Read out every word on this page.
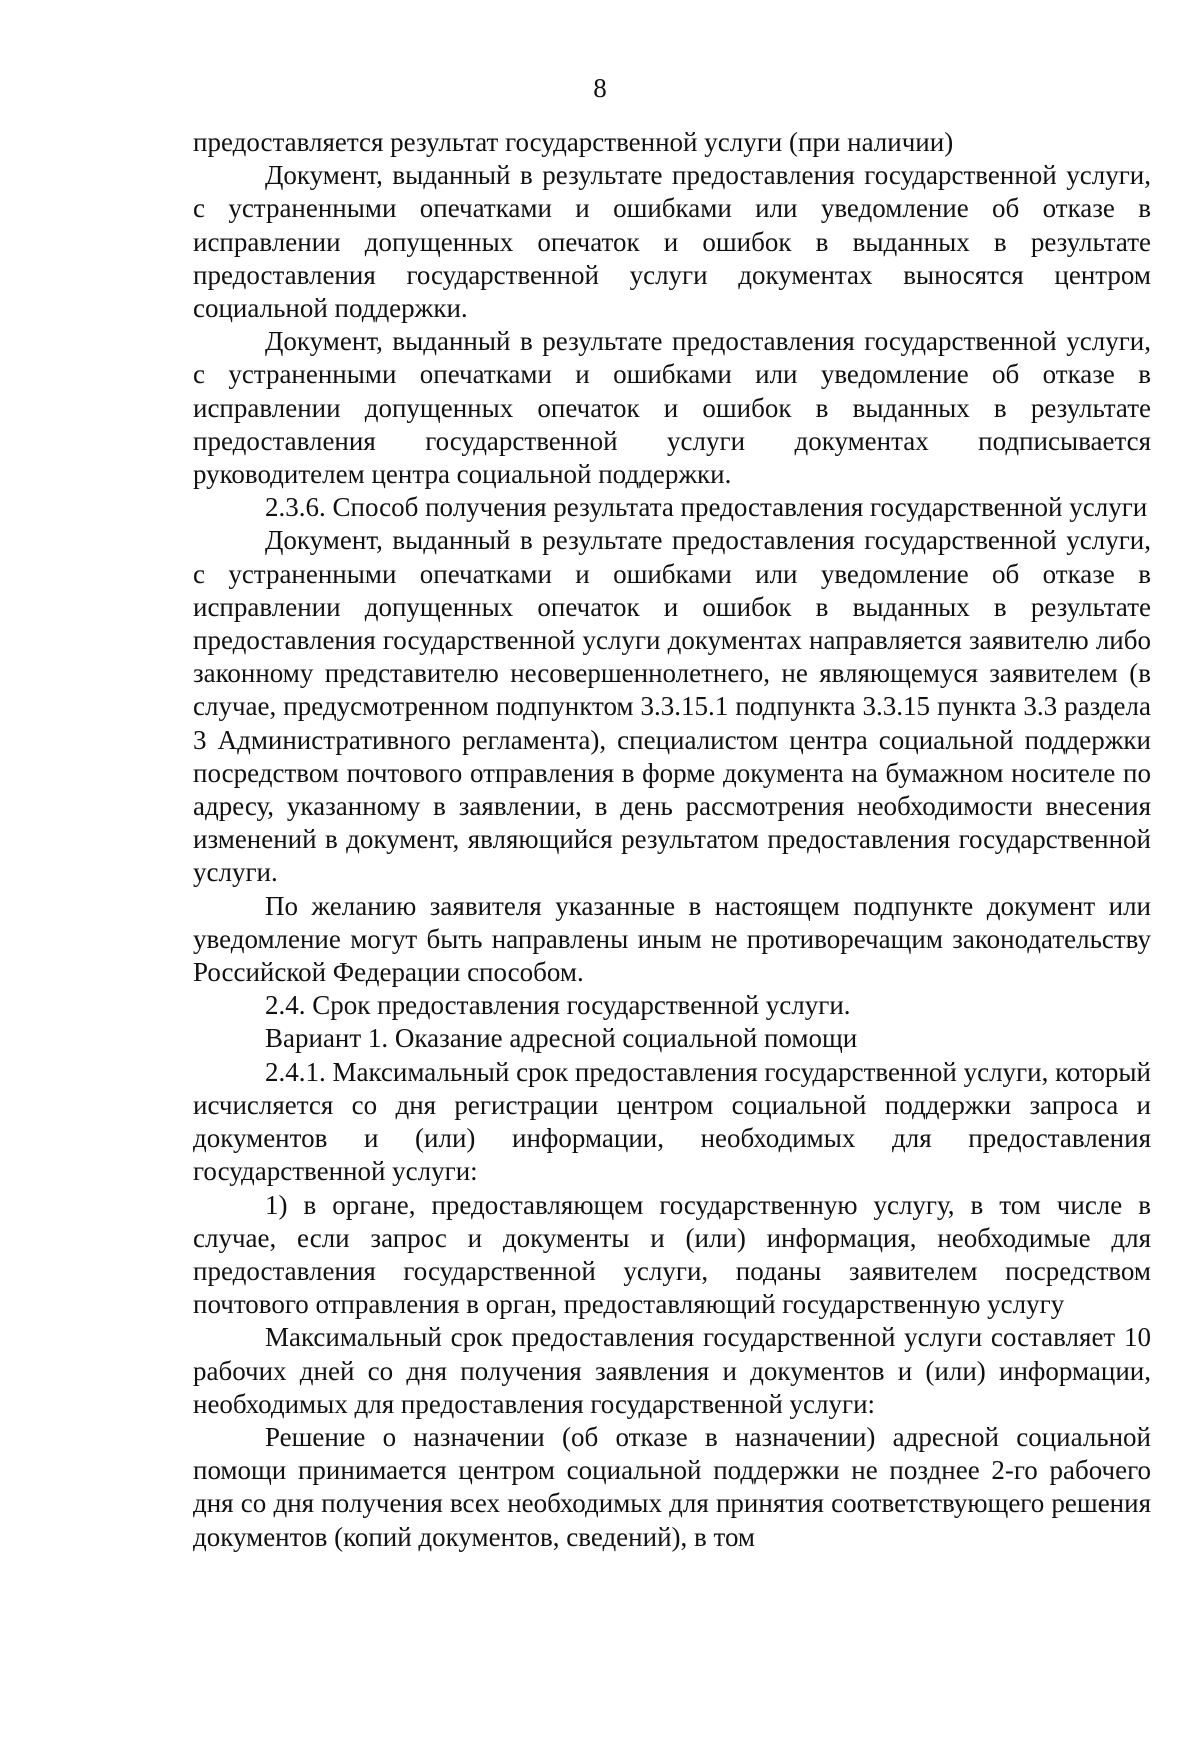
8

предоставляется результат государственной услуги (при наличии)

Документ, выданный в результате предоставления государственной услуги, с устраненными опечатками и ошибками или уведомление об отказе в исправлении допущенных опечаток и ошибок в выданных в результате предоставления государственной услуги документах выносятся центром социальной поддержки.

Документ, выданный в результате предоставления государственной услуги, с устраненными опечатками и ошибками или уведомление об отказе в исправлении допущенных опечаток и ошибок в выданных в результате предоставления государственной услуги документах подписывается руководителем центра социальной поддержки.

2.3.6. Способ получения результата предоставления государственной услуги

Документ, выданный в результате предоставления государственной услуги, с устраненными опечатками и ошибками или уведомление об отказе в исправлении допущенных опечаток и ошибок в выданных в результате предоставления государственной услуги документах направляется заявителю либо законному представителю несовершеннолетнего, не являющемуся заявителем (в случае, предусмотренном подпунктом 3.3.15.1 подпункта 3.3.15 пункта 3.3 раздела 3 Административного регламента), специалистом центра социальной поддержки посредством почтового отправления в форме документа на бумажном носителе по адресу, указанному в заявлении, в день рассмотрения необходимости внесения изменений в документ, являющийся результатом предоставления государственной услуги.

По желанию заявителя указанные в настоящем подпункте документ или уведомление могут быть направлены иным не противоречащим законодательству Российской Федерации способом.

2.4. Срок предоставления государственной услуги.

Вариант 1. Оказание адресной социальной помощи

2.4.1. Максимальный срок предоставления государственной услуги, который исчисляется со дня регистрации центром социальной поддержки запроса и документов и (или) информации, необходимых для предоставления государственной услуги:

1) в органе, предоставляющем государственную услугу, в том числе в случае, если запрос и документы и (или) информация, необходимые для предоставления государственной услуги, поданы заявителем посредством почтового отправления в орган, предоставляющий государственную услугу

Максимальный срок предоставления государственной услуги составляет 10 рабочих дней со дня получения заявления и документов и (или) информации, необходимых для предоставления государственной услуги:

Решение о назначении (об отказе в назначении) адресной социальной помощи принимается центром социальной поддержки не позднее 2-го рабочего дня со дня получения всех необходимых для принятия соответствующего решения документов (копий документов, сведений), в том
